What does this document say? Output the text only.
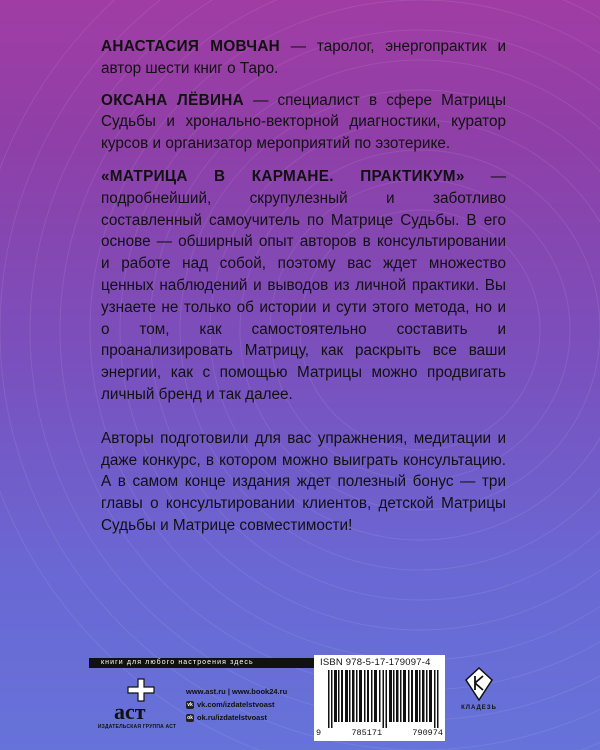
АНАСТАСИЯ МОВЧАН — таролог, энергопрактик и автор шести книг о Таро.

ОКСАНА ЛЁВИНА — специалист в сфере Матрицы Судьбы и хронально-векторной диагностики, куратор курсов и организатор мероприятий по эзотерике.

«МАТРИЦА В КАРМАНЕ. ПРАКТИКУМ» — подробнейший, скрупулезный и заботливо составленный самоучитель по Матрице Судьбы. В его основе — обширный опыт авторов в консультировании и работе над собой, поэтому вас ждет множество ценных наблюдений и выводов из личной практики. Вы узнаете не только об истории и сути этого метода, но и о том, как самостоятельно составить и проанализировать Матрицу, как раскрыть все ваши энергии, как с помощью Матрицы можно продвигать личный бренд и так далее.

Авторы подготовили для вас упражнения, медитации и даже конкурс, в котором можно выиграть консультацию. А в самом конце издания ждет полезный бонус — три главы о консультировании клиентов, детской Матрицы Судьбы и Матрице совместимости!

книги для любого настроения здесь
аст
ИЗДАТЕЛЬСКАЯ ГРУППА АСТ
www.ast.ru | www.book24.ru
vk vk.com/izdatelstvoast
ok ok.ru/izdatelstvoast
ISBN 978-5-17-179097-4
9	785171	790974
КЛАДЕЗЬ
